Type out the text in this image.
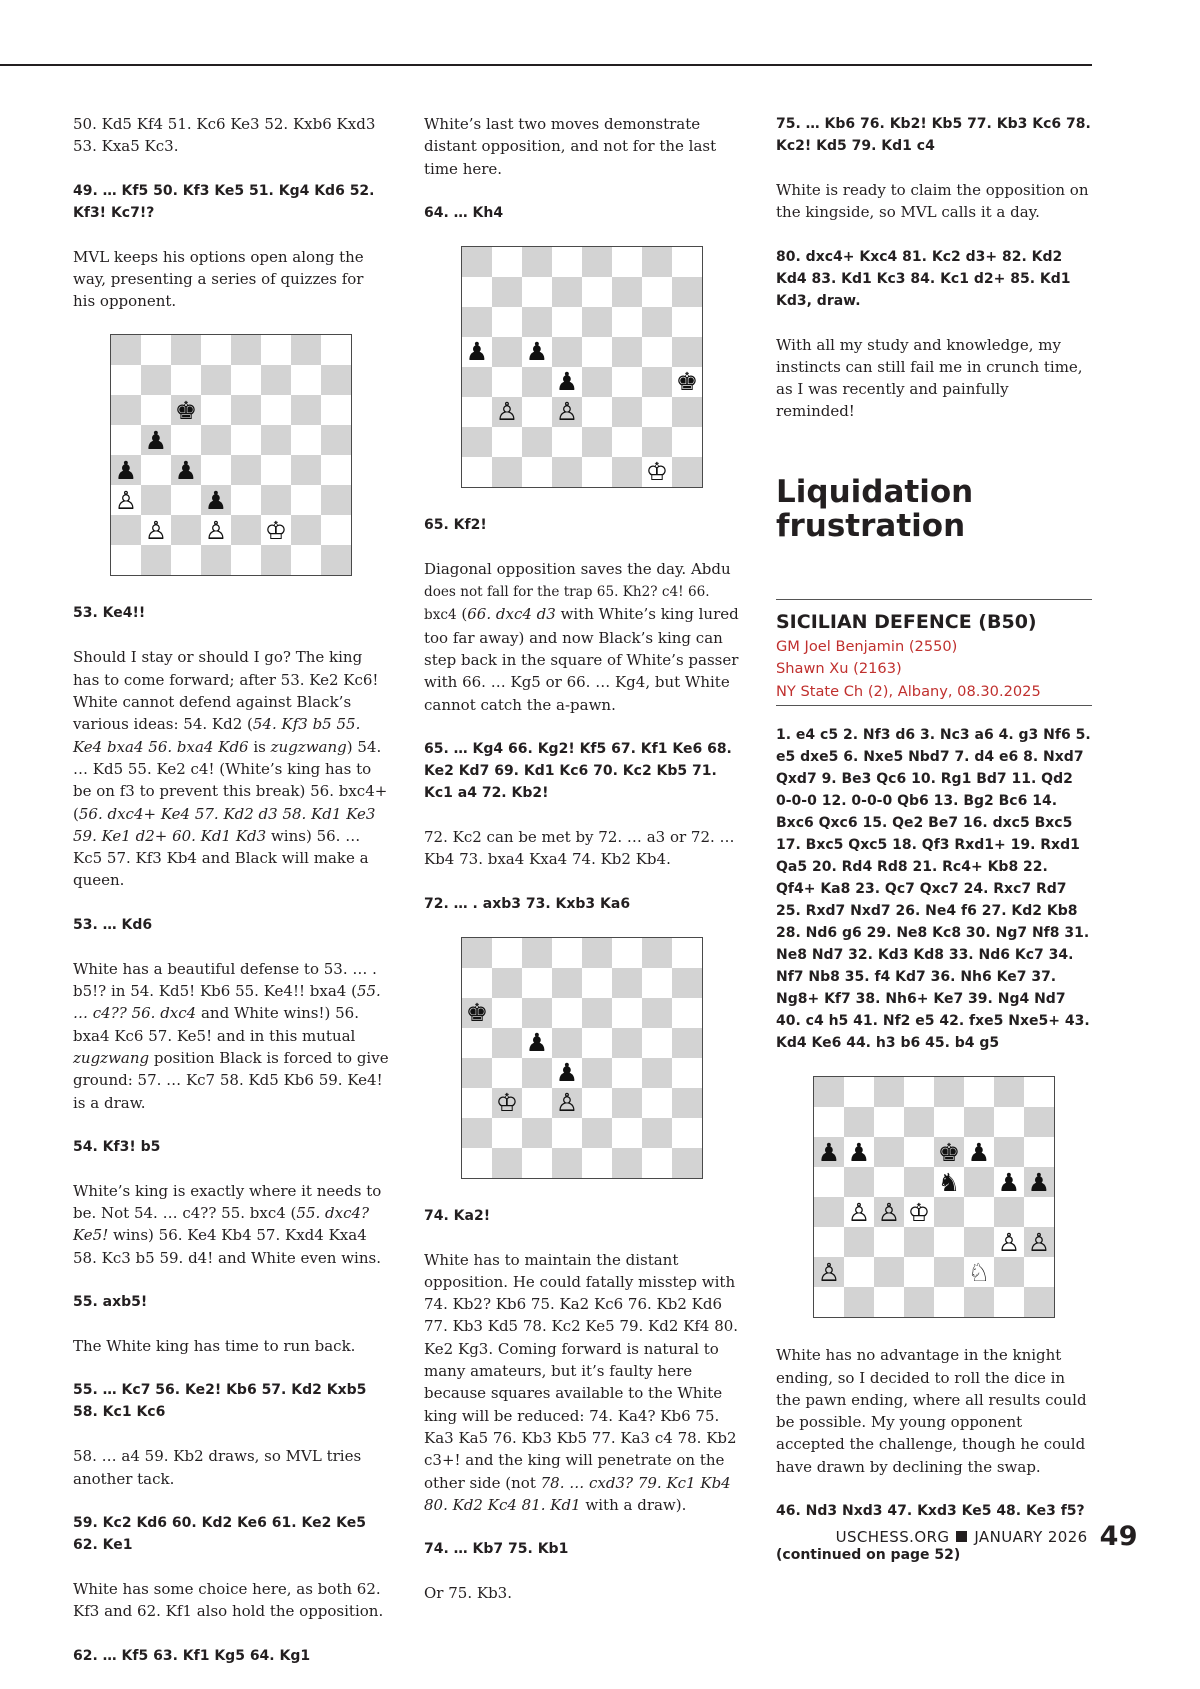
50. Kd5 Kf4 51. Kc6 Ke3 52. Kxb6 Kxd3 53. Kxa5 Kc3.
49. … Kf5 50. Kf3 Ke5 51. Kg4 Kd6 52. Kf3! Kc7!?
MVL keeps his options open along the way, presenting a series of quizzes for his opponent.
♚
♟
♟ ♟
♙	♟
♙ ♙ ♔
53. Ke4!!
Should I stay or should I go? The king has to come forward; after 53. Ke2 Kc6! White cannot defend against Black’s various ideas: 54. Kd2 (54. Kf3 b5 55. Ke4 bxa4 56. bxa4 Kd6 is zugzwang) 54. … Kd5 55. Ke2 c4! (White’s king has to be on f3 to prevent this break) 56. bxc4+ (56. dxc4+ Ke4 57. Kd2 d3 58. Kd1 Ke3 59. Ke1 d2+ 60. Kd1 Kd3 wins) 56. … Kc5 57. Kf3 Kb4 and Black will make a queen.
53. … Kd6
White has a beautiful defense to 53. … . b5!? in 54. Kd5! Kb6 55. Ke4!! bxa4 (55. … c4?? 56. dxc4 and White wins!) 56. bxa4 Kc6 57. Ke5! and in this mutual zugzwang position Black is forced to give ground: 57. … Kc7 58. Kd5 Kb6 59. Ke4! is a draw.
54. Kf3! b5
White’s king is exactly where it needs to be. Not 54. … c4?? 55. bxc4 (55. dxc4? Ke5! wins) 56. Ke4 Kb4 57. Kxd4 Kxa4 58. Kc3 b5 59. d4! and White even wins.
55. axb5!
The White king has time to run back.
55. … Kc7 56. Ke2! Kb6 57. Kd2 Kxb5 58. Kc1 Kc6
58. … a4 59. Kb2 draws, so MVL tries another tack.
59. Kc2 Kd6 60. Kd2 Ke6 61. Ke2 Ke5 62. Ke1
White has some choice here, as both 62. Kf3 and 62. Kf1 also hold the opposition.
62. … Kf5 63. Kf1 Kg5 64. Kg1
White’s last two moves demonstrate distant opposition, and not for the last time here.
64. … Kh4
♟ ♟
♟	♚
♙ ♙
♔
65. Kf2!
Diagonal opposition saves the day. Abdu does not fall for the trap 65. Kh2? c4! 66. bxc4 (66. dxc4 d3 with White’s king lured too far away) and now Black’s king can step back in the square of White’s passer with 66. … Kg5 or 66. … Kg4, but White cannot catch the a-pawn.
65. … Kg4 66. Kg2! Kf5 67. Kf1 Ke6 68. Ke2 Kd7 69. Kd1 Kc6 70. Kc2 Kb5 71. Kc1 a4 72. Kb2!
72. Kc2 can be met by 72. … a3 or 72. … Kb4 73. bxa4 Kxa4 74. Kb2 Kb4.
72. … . axb3 73. Kxb3 Ka6
♚
♟
♟
♔ ♙
74. Ka2!
White has to maintain the distant opposition. He could fatally misstep with 74. Kb2? Kb6 75. Ka2 Kc6 76. Kb2 Kd6 77. Kb3 Kd5 78. Kc2 Ke5 79. Kd2 Kf4 80. Ke2 Kg3. Coming forward is natural to many amateurs, but it’s faulty here because squares available to the White king will be reduced: 74. Ka4? Kb6 75. Ka3 Ka5 76. Kb3 Kb5 77. Ka3 c4 78. Kb2 c3+! and the king will penetrate on the other side (not 78. … cxd3? 79. Kc1 Kb4 80. Kd2 Kc4 81. Kd1 with a draw).
74. … Kb7 75. Kb1
Or 75. Kb3.
75. … Kb6 76. Kb2! Kb5 77. Kb3 Kc6 78. Kc2! Kd5 79. Kd1 c4
White is ready to claim the opposition on the kingside, so MVL calls it a day.
80. dxc4+ Kxc4 81. Kc2 d3+ 82. Kd2 Kd4 83. Kd1 Kc3 84. Kc1 d2+ 85. Kd1 Kd3, draw.
With all my study and knowledge, my instincts can still fail me in crunch time, as I was recently and painfully reminded!
Liquidation frustration
SICILIAN DEFENCE (B50)
GM Joel Benjamin (2550)
Shawn Xu (2163)
NY State Ch (2), Albany, 08.30.2025
1. e4 c5 2. Nf3 d6 3. Nc3 a6 4. g3 Nf6 5. e5 dxe5 6. Nxe5 Nbd7 7. d4 e6 8. Nxd7 Qxd7 9. Be3 Qc6 10. Rg1 Bd7 11. Qd2 0-0-0 12. 0-0-0 Qb6 13. Bg2 Bc6 14. Bxc6 Qxc6 15. Qe2 Be7 16. dxc5 Bxc5 17. Bxc5 Qxc5 18. Qf3 Rxd1+ 19. Rxd1 Qa5 20. Rd4 Rd8 21. Rc4+ Kb8 22. Qf4+ Ka8 23. Qc7 Qxc7 24. Rxc7 Rd7 25. Rxd7 Nxd7 26. Ne4 f6 27. Kd2 Kb8 28. Nd6 g6 29. Ne8 Kc8 30. Ng7 Nf8 31. Ne8 Nd7 32. Kd3 Kd8 33. Nd6 Kc7 34. Nf7 Nb8 35. f4 Kd7 36. Nh6 Ke7 37. Ng8+ Kf7 38. Nh6+ Ke7 39. Ng4 Nd7 40. c4 h5 41. Nf2 e5 42. fxe5 Nxe5+ 43. Kd4 Ke6 44. h3 b6 45. b4 g5
♟ ♟	♚ ♟
♞ ♟ ♟
♙ ♙ ♔
♙ ♙
♙	♘
White has no advantage in the knight ending, so I decided to roll the dice in the pawn ending, where all results could be possible. My young opponent accepted the challenge, though he could have drawn by declining the swap.
46. Nd3 Nxd3 47. Kxd3 Ke5 48. Ke3 f5?
(continued on page 52)
USCHESS.ORG JANUARY 2026 49
